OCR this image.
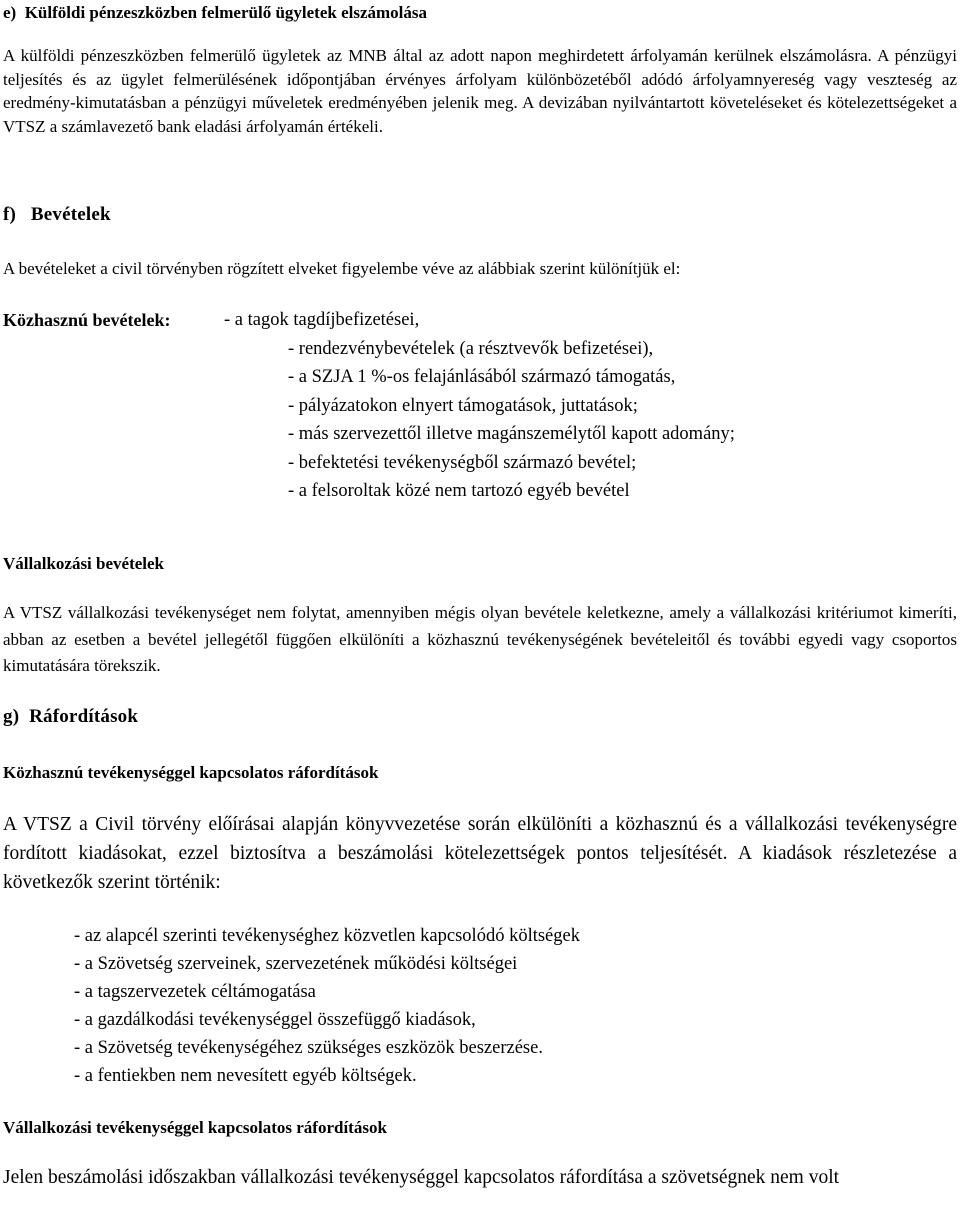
e)  Külföldi pénzeszközben felmerülő ügyletek elszámolása

A külföldi pénzeszközben felmerülő ügyletek az MNB által az adott napon meghirdetett árfolyamán kerülnek elszámolásra. A pénzügyi teljesítés és az ügylet felmerülésének időpontjában érvényes árfolyam különbözetéből adódó árfolyamnyereség vagy veszteség az eredmény-kimutatásban a pénzügyi műveletek eredményében jelenik meg. A devizában nyilvántartott követeléseket és kötelezettségeket a VTSZ a számlavezető bank eladási árfolyamán értékeli.

f)   Bevételek

A bevételeket a civil törvényben rögzített elveket figyelembe véve az alábbiak szerint különítjük el:

Közhasznú bevételek:	- a tagok tagdíjbefizetései,
- rendezvénybevételek (a résztvevők befizetései),
- a SZJA 1 %-os felajánlásából származó támogatás,
- pályázatokon elnyert támogatások, juttatások;
- más szervezettől illetve magánszemélytől kapott adomány;
- befektetési tevékenységből származó bevétel;
- a felsoroltak közé nem tartozó egyéb bevétel
Vállalkozási bevételek

A VTSZ vállalkozási tevékenységet nem folytat, amennyiben mégis olyan bevétele keletkezne, amely a vállalkozási kritériumot kimeríti, abban az esetben a bevétel jellegétől függően elkülöníti a közhasznú tevékenységének bevételeitől és további egyedi vagy csoportos kimutatására törekszik.

g)  Ráfordítások
Közhasznú tevékenységgel kapcsolatos ráfordítások

A VTSZ a Civil törvény előírásai alapján könyvvezetése során elkülöníti a közhasznú és a vállalkozási tevékenységre fordított kiadásokat, ezzel biztosítva a beszámolási kötelezettségek pontos teljesítését. A kiadások részletezése a következők szerint történik:

- az alapcél szerinti tevékenységhez közvetlen kapcsolódó költségek
- a Szövetség szerveinek, szervezetének működési költségei
- a tagszervezetek céltámogatása
- a gazdálkodási tevékenységgel összefüggő kiadások,
- a Szövetség tevékenységéhez szükséges eszközök beszerzése.
- a fentiekben nem nevesített egyéb költségek.
Vállalkozási tevékenységgel kapcsolatos ráfordítások

Jelen beszámolási időszakban vállalkozási tevékenységgel kapcsolatos ráfordítása a szövetségnek nem volt
